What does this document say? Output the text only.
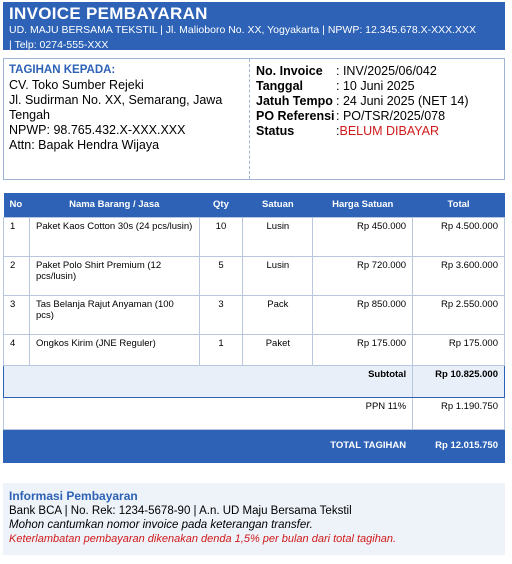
INVOICE PEMBAYARAN
UD. MAJU BERSAMA TEKSTIL | Jl. Malioboro No. XX, Yogyakarta | NPWP: 12.345.678.X-XXX.XXX
| Telp: 0274-555-XXX
TAGIHAN KEPADA:
CV. Toko Sumber Rejeki
Jl. Sudirman No. XX, Semarang, Jawa
Tengah
NPWP: 98.765.432.X-XXX.XXX
Attn: Bapak Hendra Wijaya
No. Invoice	: INV/2025/06/042
Tanggal	: 10 Juni 2025
Jatuh Tempo : 24 Juni 2025 (NET 14)
PO Referensi : PO/TSR/2025/078
Status	: BELUM DIBAYAR
No	Nama Barang / Jasa	Qty	Satuan	Harga Satuan	Total
1	Paket Kaos Cotton 30s (24 pcs/lusin)	10	Lusin	Rp 450.000	Rp 4.500.000
2	Paket Polo Shirt Premium (12 pcs/lusin)	5	Lusin	Rp 720.000	Rp 3.600.000
3	Tas Belanja Rajut Anyaman (100 pcs)	3	Pack	Rp 850.000	Rp 2.550.000
4	Ongkos Kirim (JNE Reguler)	1	Paket	Rp 175.000	Rp 175.000
Subtotal					Rp 10.825.000
PPN 11%					Rp 1.190.750
TOTAL TAGIHAN					Rp 12.015.750
Informasi Pembayaran
Bank BCA | No. Rek: 1234-5678-90 | A.n. UD Maju Bersama Tekstil
Mohon cantumkan nomor invoice pada keterangan transfer.
Keterlambatan pembayaran dikenakan denda 1,5% per bulan dari total tagihan.
